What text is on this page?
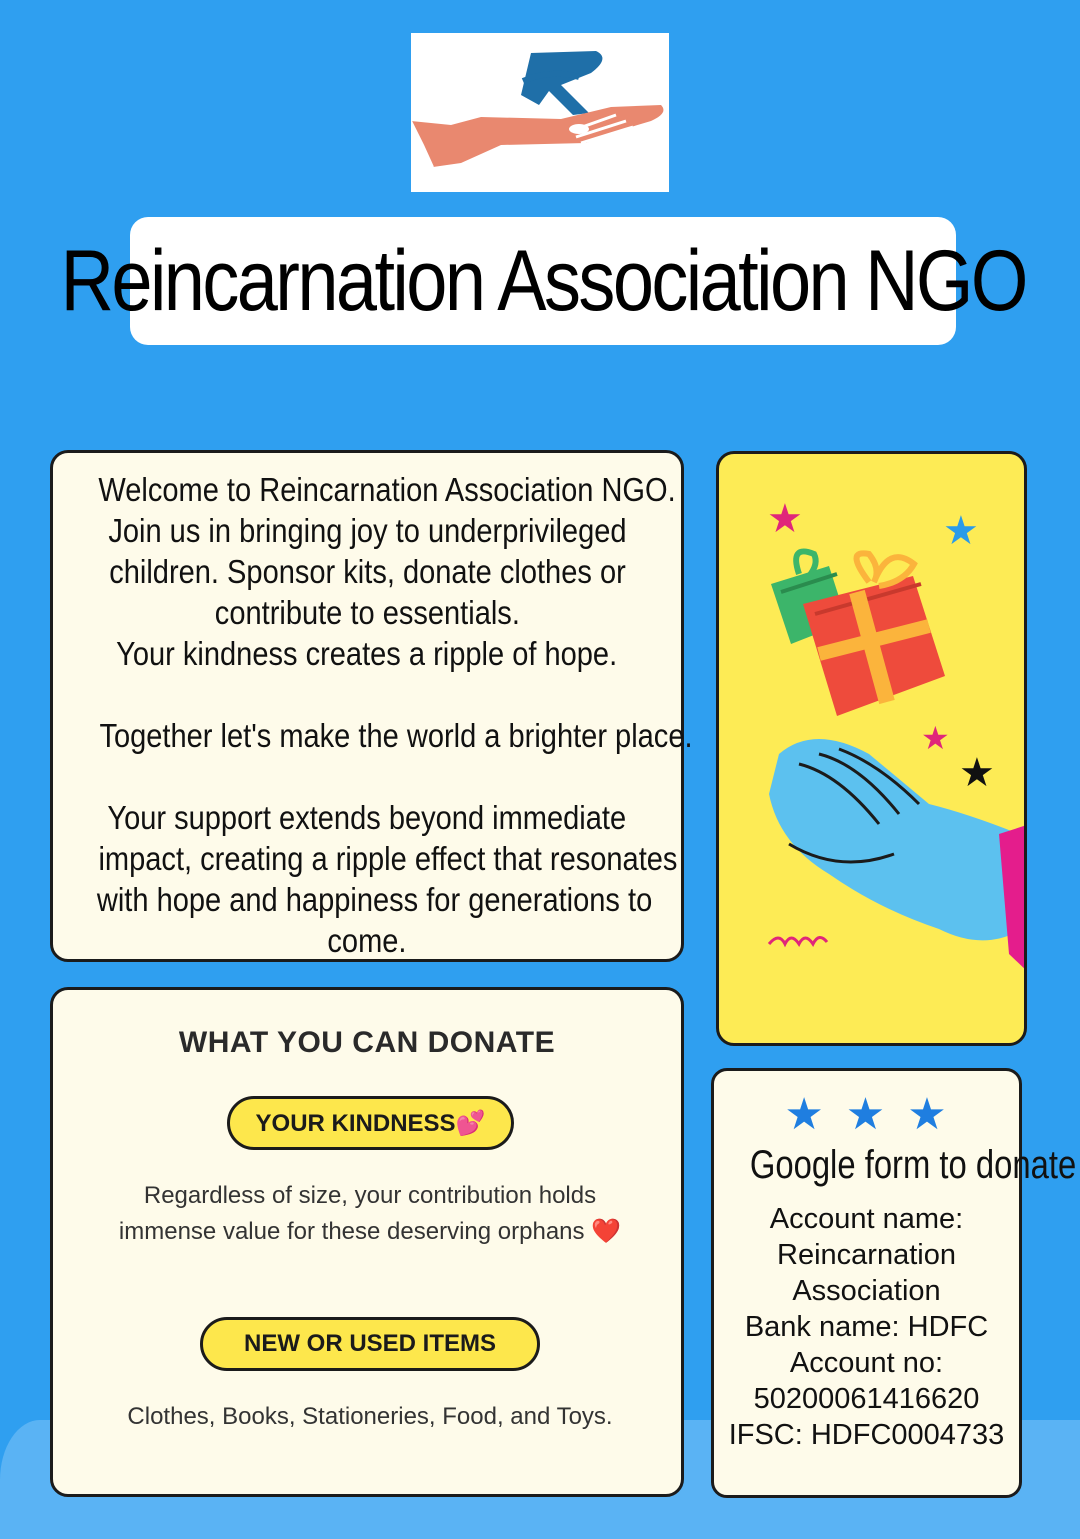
Reincarnation Association NGO

Welcome to Reincarnation Association NGO.

Join us in bringing joy to underprivileged

children. Sponsor kits, donate clothes or

contribute to essentials.

Your kindness creates a ripple of hope.

Together let's make the world a brighter place.

Your support extends beyond immediate

impact, creating a ripple effect that resonates

with hope and happiness for generations to

come.

★	★
★
★
WHAT YOU CAN DONATE
YOUR KINDNESS💕
Regardless of size, your contribution holds immense value for these deserving orphans ❤️
NEW OR USED ITEMS
Clothes, Books, Stationeries, Food, and Toys.
★★★
Google form to donate
Account name:
Reincarnation
Association
Bank name: HDFC
Account no:
50200061416620
IFSC: HDFC0004733
